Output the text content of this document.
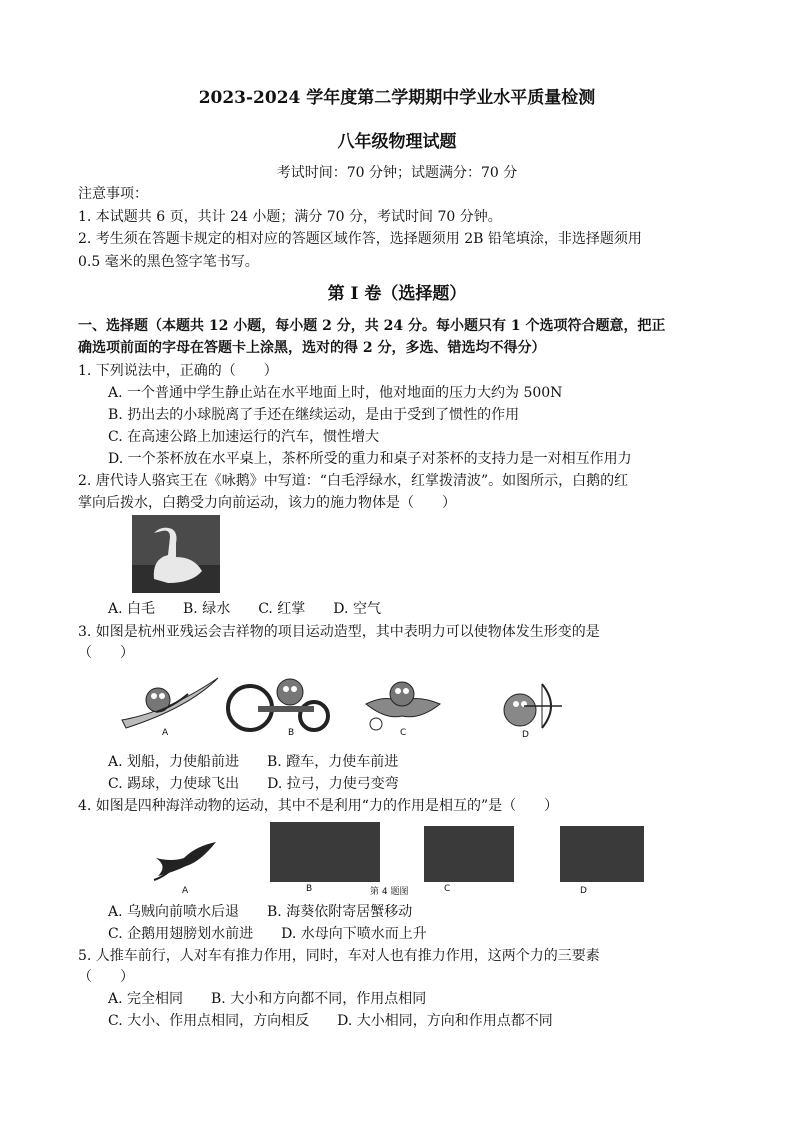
2023-2024 学年度第二学期期中学业水平质量检测
八年级物理试题
考试时间：70 分钟；试题满分：70 分
注意事项：
1. 本试题共 6 页，共计 24 小题；满分 70 分，考试时间 70 分钟。
2. 考生须在答题卡规定的相对应的答题区域作答，选择题须用 2B 铅笔填涂，非选择题须用
0.5 毫米的黑色签字笔书写。
第 I 卷（选择题）
一、选择题（本题共 12 小题，每小题 2 分，共 24 分。每小题只有 1 个选项符合题意，把正
确选项前面的字母在答题卡上涂黑，选对的得 2 分，多选、错选均不得分）
1. 下列说法中，正确的（　　）
A. 一个普通中学生静止站在水平地面上时，他对地面的压力大约为 500N
B. 扔出去的小球脱离了手还在继续运动，是由于受到了惯性的作用
C. 在高速公路上加速运行的汽车，惯性增大
D. 一个茶杯放在水平桌上，茶杯所受的重力和桌子对茶杯的支持力是一对相互作用力
2. 唐代诗人骆宾王在《咏鹅》中写道：“白毛浮绿水，红掌拨清波”。如图所示，白鹅的红
掌向后拨水，白鹅受力向前运动，该力的施力物体是（　　）
A. 白毛　　B. 绿水　　C. 红掌　　D. 空气
3. 如图是杭州亚残运会吉祥物的项目运动造型，其中表明力可以使物体发生形变的是
（　　）
A	B	C	D
A. 划船，力使船前进　　B. 蹬车，力使车前进
C. 踢球，力使球飞出　　D. 拉弓，力使弓变弯
4. 如图是四种海洋动物的运动，其中不是利用“力的作用是相互的”是（　　）
A	B	第 4 题图	C	D
A. 乌贼向前喷水后退　　B. 海葵依附寄居蟹移动
C. 企鹅用翅膀划水前进　　D. 水母向下喷水而上升
5. 人推车前行，人对车有推力作用，同时，车对人也有推力作用，这两个力的三要素
（　　）
A. 完全相同　　B. 大小和方向都不同，作用点相同
C. 大小、作用点相同，方向相反　　D. 大小相同，方向和作用点都不同
